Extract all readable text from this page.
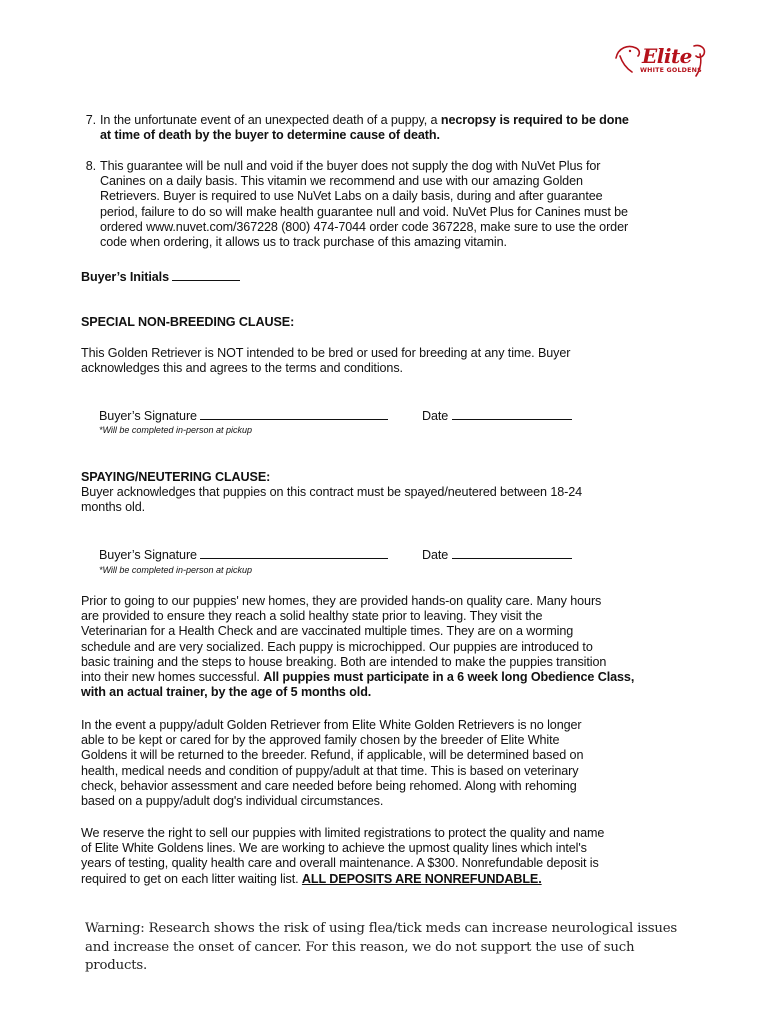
Elite
WHITE GOLDENS
7. In the unfortunate event of an unexpected death of a puppy, a necropsy is required to be done
at time of death by the buyer to determine cause of death.
8. This guarantee will be null and void if the buyer does not supply the dog with NuVet Plus for
Canines on a daily basis. This vitamin we recommend and use with our amazing Golden
Retrievers. Buyer is required to use NuVet Labs on a daily basis, during and after guarantee
period, failure to do so will make health guarantee null and void. NuVet Plus for Canines must be
ordered www.nuvet.com/367228 (800) 474-7044 order code 367228, make sure to use the order
code when ordering, it allows us to track purchase of this amazing vitamin.
Buyer’s Initials
SPECIAL NON-BREEDING CLAUSE:
This Golden Retriever is NOT intended to be bred or used for breeding at any time. Buyer
acknowledges this and agrees to the terms and conditions.
Buyer’s Signature	Date
*Will be completed in-person at pickup
SPAYING/NEUTERING CLAUSE:
Buyer acknowledges that puppies on this contract must be spayed/neutered between 18-24
months old.
Buyer’s Signature	Date
*Will be completed in-person at pickup
Prior to going to our puppies' new homes, they are provided hands-on quality care. Many hours
are provided to ensure they reach a solid healthy state prior to leaving. They visit the
Veterinarian for a Health Check and are vaccinated multiple times. They are on a worming
schedule and are very socialized. Each puppy is microchipped. Our puppies are introduced to
basic training and the steps to house breaking. Both are intended to make the puppies transition
into their new homes successful. All puppies must participate in a 6 week long Obedience Class,
with an actual trainer, by the age of 5 months old.
In the event a puppy/adult Golden Retriever from Elite White Golden Retrievers is no longer
able to be kept or cared for by the approved family chosen by the breeder of Elite White
Goldens it will be returned to the breeder. Refund, if applicable, will be determined based on
health, medical needs and condition of puppy/adult at that time. This is based on veterinary
check, behavior assessment and care needed before being rehomed. Along with rehoming
based on a puppy/adult dog's individual circumstances.
We reserve the right to sell our puppies with limited registrations to protect the quality and name
of Elite White Goldens lines. We are working to achieve the upmost quality lines which intel's
years of testing, quality health care and overall maintenance. A $300. Nonrefundable deposit is
required to get on each litter waiting list. ALL DEPOSITS ARE NONREFUNDABLE.
Warning: Research shows the risk of using flea/tick meds can increase neurological issues
and increase the onset of cancer. For this reason, we do not support the use of such
products.
